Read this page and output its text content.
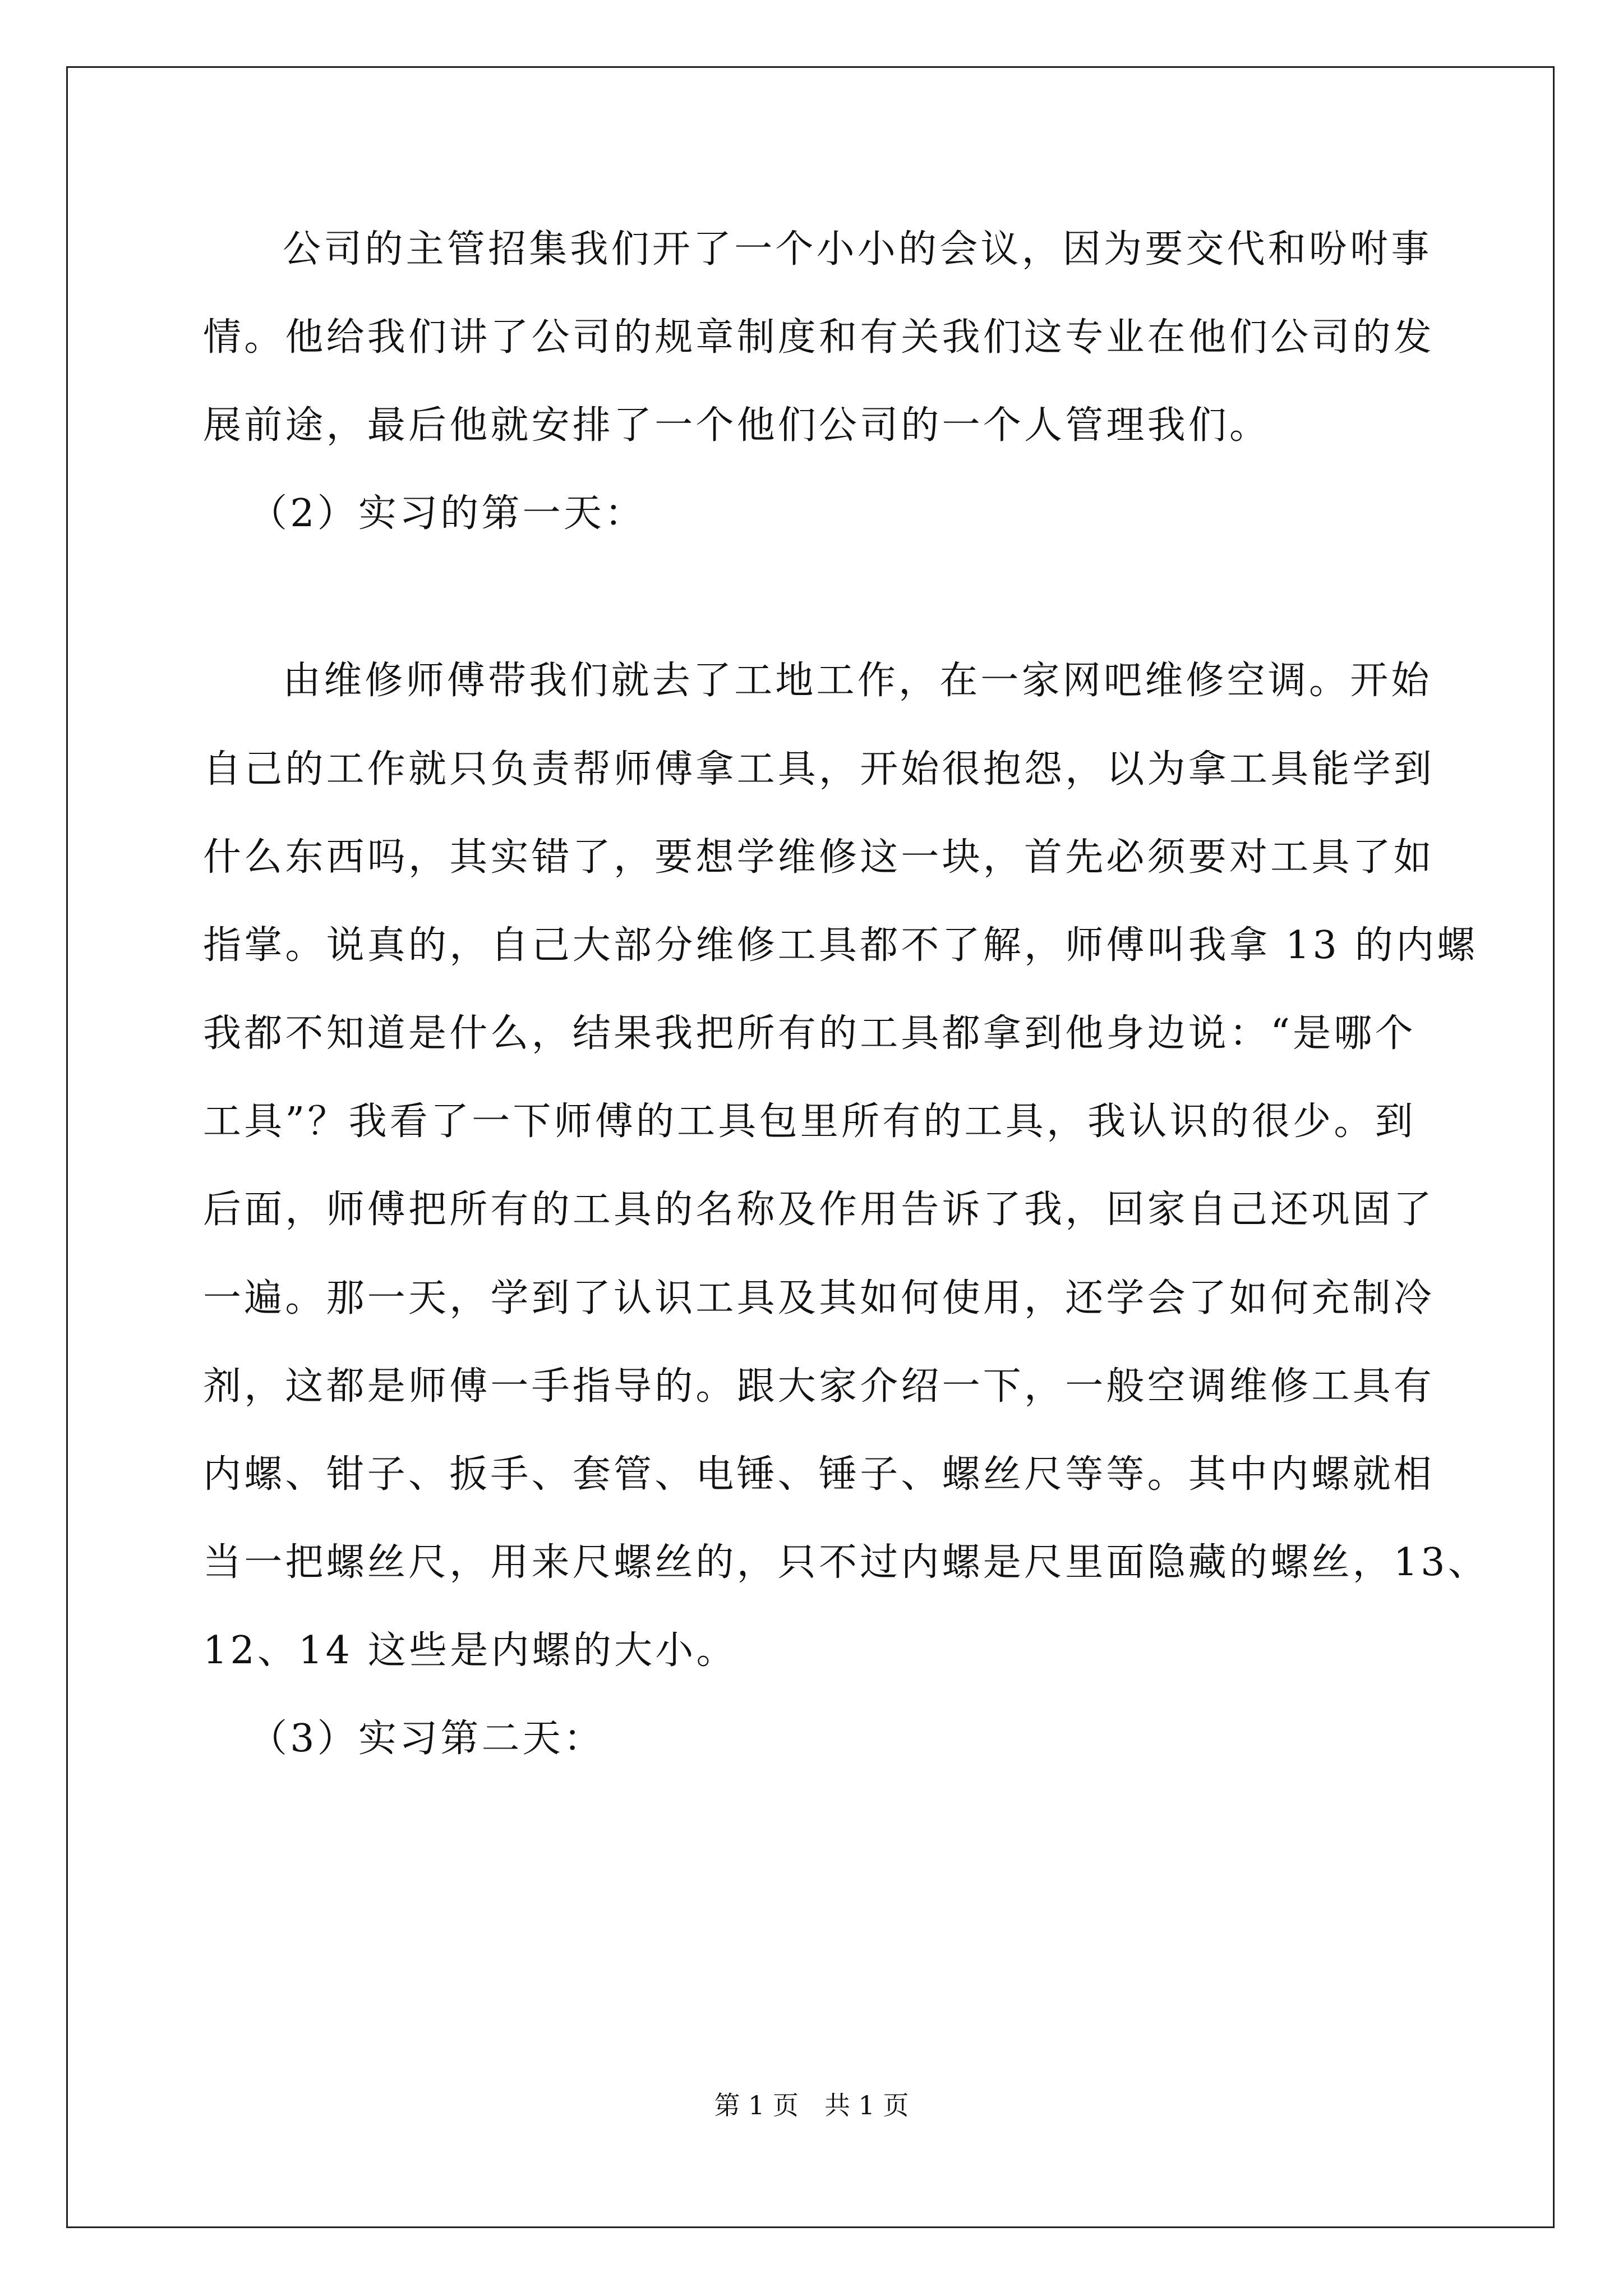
公司的主管招集我们开了一个小小的会议，因为要交代和吩咐事
情。他给我们讲了公司的规章制度和有关我们这专业在他们公司的发
展前途，最后他就安排了一个他们公司的一个人管理我们。
（2）实习的第一天：
由维修师傅带我们就去了工地工作，在一家网吧维修空调。开始
自己的工作就只负责帮师傅拿工具，开始很抱怨，以为拿工具能学到
什么东西吗，其实错了，要想学维修这一块，首先必须要对工具了如
指掌。说真的，自己大部分维修工具都不了解，师傅叫我拿 13 的内螺
我都不知道是什么，结果我把所有的工具都拿到他身边说：“是哪个
工具”？我看了一下师傅的工具包里所有的工具，我认识的很少。到
后面，师傅把所有的工具的名称及作用告诉了我，回家自己还巩固了
一遍。那一天，学到了认识工具及其如何使用，还学会了如何充制冷
剂，这都是师傅一手指导的。跟大家介绍一下，一般空调维修工具有
内螺、钳子、扳手、套管、电锤、锤子、螺丝尺等等。其中内螺就相
当一把螺丝尺，用来尺螺丝的，只不过内螺是尺里面隐藏的螺丝，13、
12、14 这些是内螺的大小。
（3）实习第二天：
第 1 页　共 1 页
